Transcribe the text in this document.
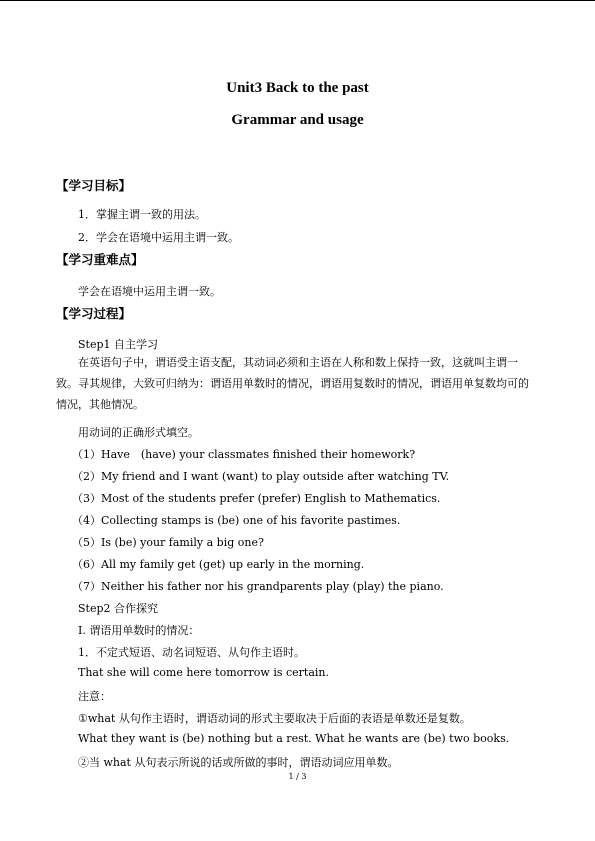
Unit3 Back to the past
Grammar and usage
【学习目标】
1．掌握主谓一致的用法。
2．学会在语境中运用主谓一致。
【学习重难点】
学会在语境中运用主谓一致。
【学习过程】
Step1 自主学习
在英语句子中，谓语受主语支配，其动词必须和主语在人称和数上保持一致，这就叫主谓一致。寻其规律，大致可归纳为：谓语用单数时的情况，谓语用复数时的情况，谓语用单复数均可的情况，其他情况。
用动词的正确形式填空。
（1）Have　(have) your classmates finished their homework?
（2）My friend and I want (want) to play outside after watching TV.
（3）Most of the students prefer (prefer) English to Mathematics.
（4）Collecting stamps is (be) one of his favorite pastimes.
（5）Is (be) your family a big one?
（6）All my family get (get) up early in the morning.
（7）Neither his father nor his grandparents play (play) the piano.
Step2 合作探究
I. 谓语用单数时的情况：
1．不定式短语、动名词短语、从句作主语时。
That she will come here tomorrow is certain.
注意：
①what 从句作主语时，谓语动词的形式主要取决于后面的表语是单数还是复数。
What they want is (be) nothing but a rest. What he wants are (be) two books.
②当 what 从句表示所说的话或所做的事时，谓语动词应用单数。
1 / 3
